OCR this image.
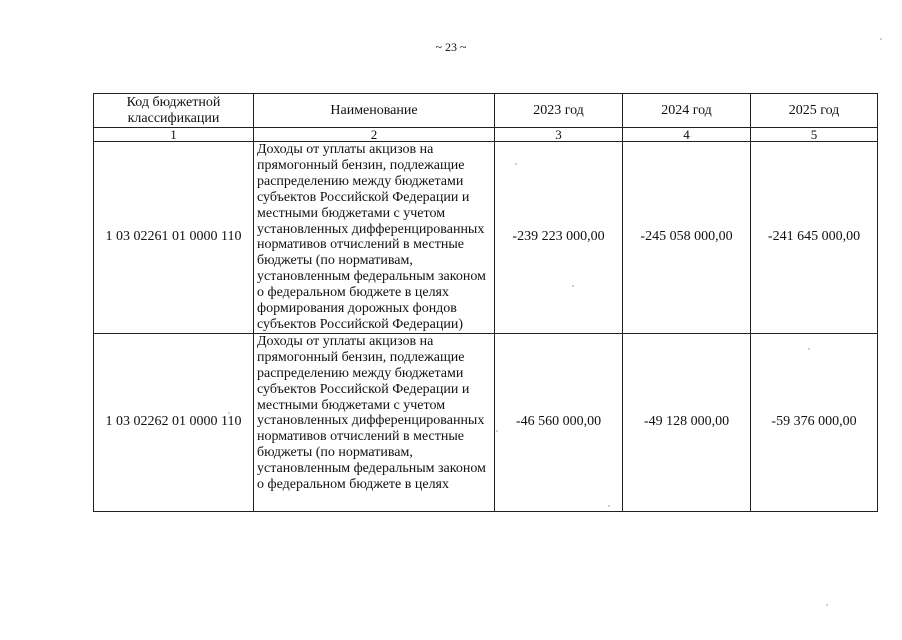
~ 23 ~
Код бюджетной классификации	Наименование	2023 год	2024 год	2025 год
1	2	3	4	5
1 03 02261 01 0000 110	Доходы от уплаты акцизов на прямогонный бензин, подлежащие распределению между бюджетами субъектов Российской Федерации и местными бюджетами с учетом установленных дифференцированных нормативов отчислений в местные бюджеты (по нормативам, установленным федеральным законом о федеральном бюджете в целях формирования дорожных фондов субъектов Российской Федерации)	-239 223 000,00	-245 058 000,00	-241 645 000,00
1 03 02262 01 0000 110	Доходы от уплаты акцизов на прямогонный бензин, подлежащие распределению между бюджетами субъектов Российской Федерации и местными бюджетами с учетом установленных дифференцированных нормативов отчислений в местные бюджеты (по нормативам, установленным федеральным законом о федеральном бюджете в целях	-46 560 000,00	-49 128 000,00	-59 376 000,00
